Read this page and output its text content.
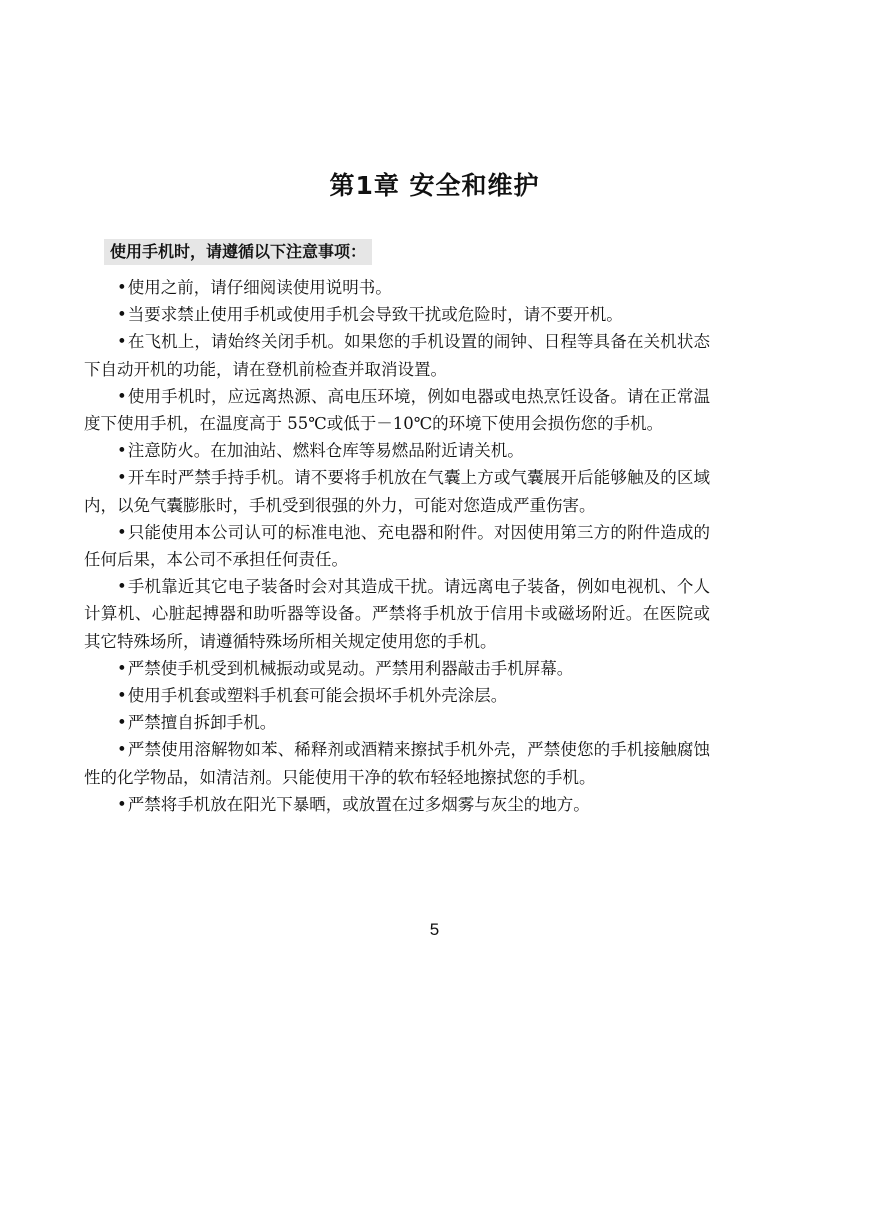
第1章 安全和维护
使用手机时，请遵循以下注意事项：
•使用之前，请仔细阅读使用说明书。
•当要求禁止使用手机或使用手机会导致干扰或危险时，请不要开机。
•在飞机上，请始终关闭手机。如果您的手机设置的闹钟、日程等具备在关机状态下自动开机的功能，请在登机前检查并取消设置。
•使用手机时，应远离热源、高电压环境，例如电器或电热烹饪设备。请在正常温度下使用手机，在温度高于 55℃或低于－10℃的环境下使用会损伤您的手机。
•注意防火。在加油站、燃料仓库等易燃品附近请关机。
•开车时严禁手持手机。请不要将手机放在气囊上方或气囊展开后能够触及的区域内，以免气囊膨胀时，手机受到很强的外力，可能对您造成严重伤害。
•只能使用本公司认可的标准电池、充电器和附件。对因使用第三方的附件造成的任何后果，本公司不承担任何责任。
•手机靠近其它电子装备时会对其造成干扰。请远离电子装备，例如电视机、个人计算机、心脏起搏器和助听器等设备。严禁将手机放于信用卡或磁场附近。在医院或其它特殊场所，请遵循特殊场所相关规定使用您的手机。
•严禁使手机受到机械振动或晃动。严禁用利器敲击手机屏幕。
•使用手机套或塑料手机套可能会损坏手机外壳涂层。
•严禁擅自拆卸手机。
•严禁使用溶解物如苯、稀释剂或酒精来擦拭手机外壳，严禁使您的手机接触腐蚀性的化学物品，如清洁剂。只能使用干净的软布轻轻地擦拭您的手机。
•严禁将手机放在阳光下暴晒，或放置在过多烟雾与灰尘的地方。
5
